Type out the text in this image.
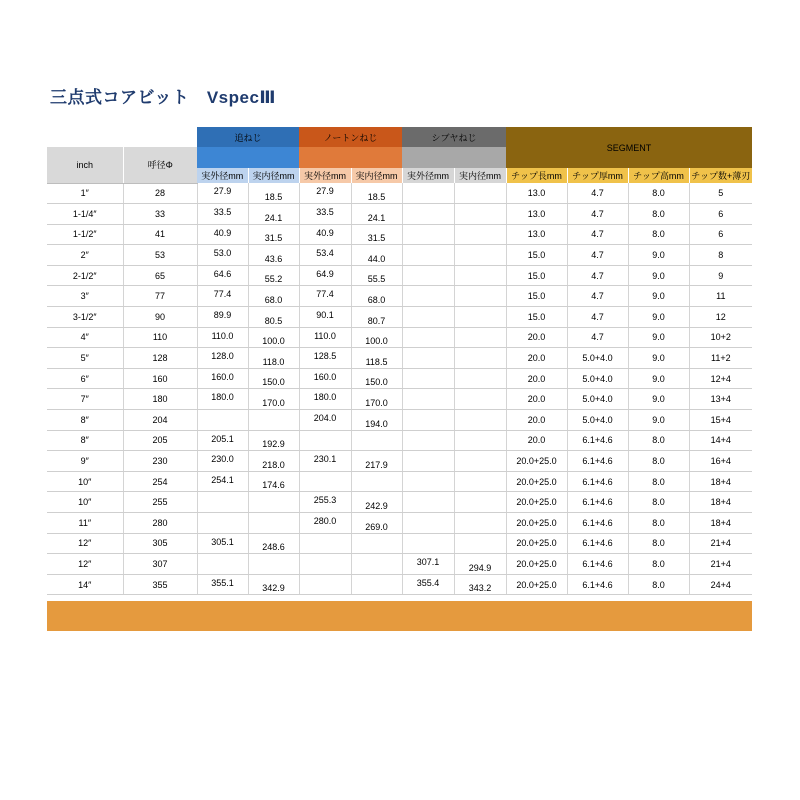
三点式コアビット　VspecⅢ
		追ねじ		ノートンねじ		シブヤねじ		SEGMENT			
inch	呼径Φ										
		実外径mm	実内径mm	実外径mm	実内径mm	実外径mm	実内径mm	チップ長mm	チップ厚mm	チップ高mm	チップ数+薄刃
1″	28	27.9	18.5	27.9	18.5			13.0	4.7	8.0	5
1-1/4″	33	33.5	24.1	33.5	24.1			13.0	4.7	8.0	6
1-1/2″	41	40.9	31.5	40.9	31.5			13.0	4.7	8.0	6
2″	53	53.0	43.6	53.4	44.0			15.0	4.7	9.0	8
2-1/2″	65	64.6	55.2	64.9	55.5			15.0	4.7	9.0	9
3″	77	77.4	68.0	77.4	68.0			15.0	4.7	9.0	11
3-1/2″	90	89.9	80.5	90.1	80.7			15.0	4.7	9.0	12
4″	110	110.0	100.0	110.0	100.0			20.0	4.7	9.0	10+2
5″	128	128.0	118.0	128.5	118.5			20.0	5.0+4.0	9.0	11+2
6″	160	160.0	150.0	160.0	150.0			20.0	5.0+4.0	9.0	12+4
7″	180	180.0	170.0	180.0	170.0			20.0	5.0+4.0	9.0	13+4
8″	204			204.0	194.0			20.0	5.0+4.0	9.0	15+4
8″	205	205.1	192.9					20.0	6.1+4.6	8.0	14+4
9″	230	230.0	218.0	230.1	217.9			20.0+25.0	6.1+4.6	8.0	16+4
10″	254	254.1	174.6					20.0+25.0	6.1+4.6	8.0	18+4
10″	255			255.3	242.9			20.0+25.0	6.1+4.6	8.0	18+4
11″	280			280.0	269.0			20.0+25.0	6.1+4.6	8.0	18+4
12″	305	305.1	248.6					20.0+25.0	6.1+4.6	8.0	21+4
12″	307					307.1	294.9	20.0+25.0	6.1+4.6	8.0	21+4
14″	355	355.1	342.9			355.4	343.2	20.0+25.0	6.1+4.6	8.0	24+4
